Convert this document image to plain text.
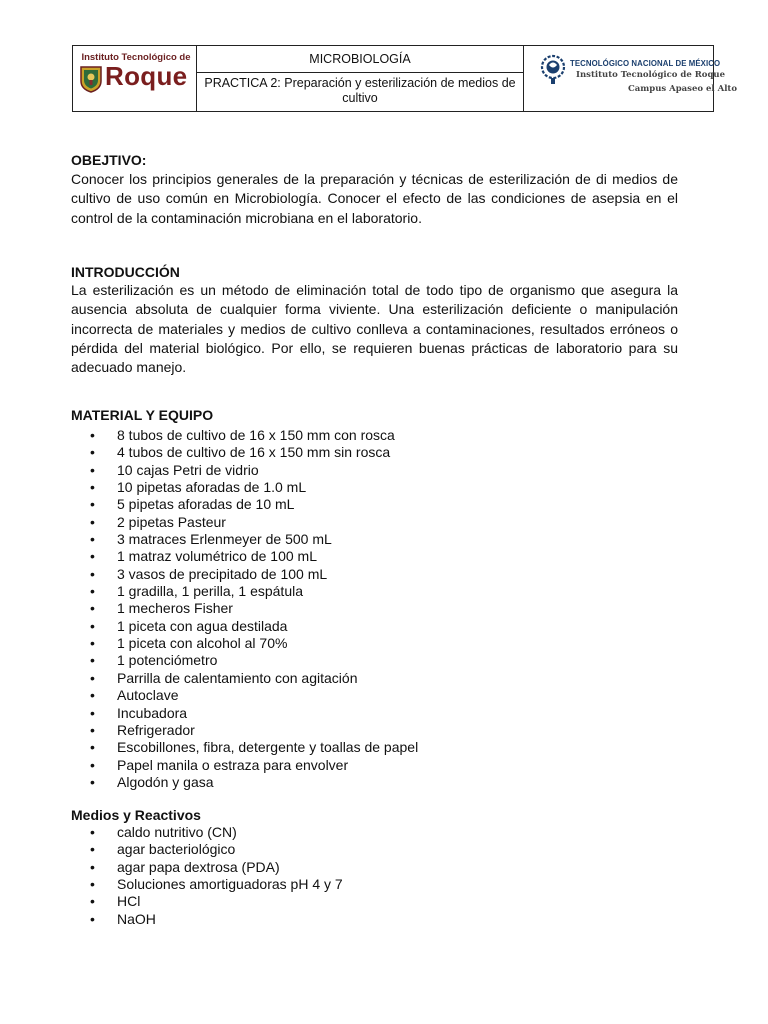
Instituto Tecnológico de
Roque
MICROBIOLOGÍA
PRACTICA 2: Preparación y esterilización de medios de cultivo
TECNOLÓGICO NACIONAL DE MÉXICO
Instituto Tecnológico de Roque
Campus Apaseo el Alto
OBEJTIVO:
Conocer los principios generales de la preparación y técnicas de esterilización de di medios de cultivo de uso común en Microbiología. Conocer el efecto de las condiciones de asepsia en el control de la contaminación microbiana en el laboratorio.
INTRODUCCIÓN
La esterilización es un método de eliminación total de todo tipo de organismo que asegura la ausencia absoluta de cualquier forma viviente. Una esterilización deficiente o manipulación incorrecta de materiales y medios de cultivo conlleva a contaminaciones, resultados erróneos o pérdida del material biológico. Por ello, se requieren buenas prácticas de laboratorio para su adecuado manejo.
MATERIAL Y EQUIPO
• 8 tubos de cultivo de 16 x 150 mm con rosca
• 4 tubos de cultivo de 16 x 150 mm sin rosca
• 10 cajas Petri de vidrio
• 10 pipetas aforadas de 1.0 mL
• 5 pipetas aforadas de 10 mL
• 2 pipetas Pasteur
• 3 matraces Erlenmeyer de 500 mL
• 1 matraz volumétrico de 100 mL
• 3 vasos de precipitado de 100 mL
• 1 gradilla, 1 perilla, 1 espátula
• 1 mecheros Fisher
• 1 piceta con agua destilada
• 1 piceta con alcohol al 70%
• 1 potenciómetro
• Parrilla de calentamiento con agitación
• Autoclave
• Incubadora
• Refrigerador
• Escobillones, fibra, detergente y toallas de papel
• Papel manila o estraza para envolver
• Algodón y gasa
Medios y Reactivos
• caldo nutritivo (CN)
• agar bacteriológico
• agar papa dextrosa (PDA)
• Soluciones amortiguadoras pH 4 y 7
• HCl
• NaOH
